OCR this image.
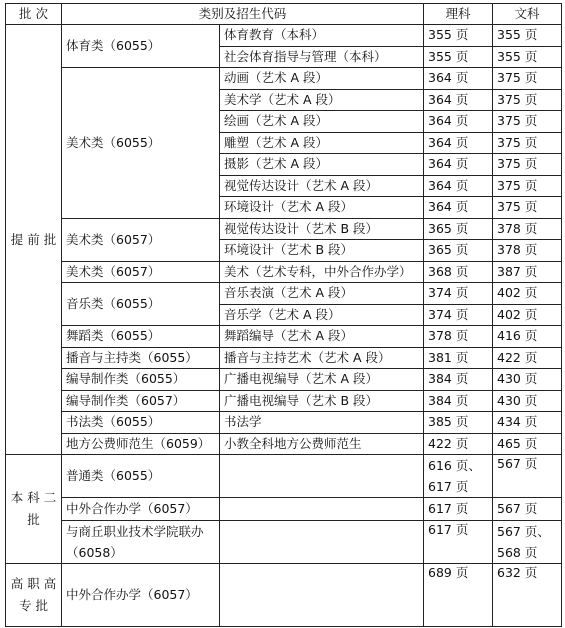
批 次	类别及招生代码		理科	文科
提 前 批	体育类（6055）	体育教育（本科）	355 页	355 页
		社会体育指导与管理（本科）	355 页	355 页
	美术类（6055）	动画（艺术 A 段）	364 页	375 页
		美术学（艺术 A 段）	364 页	375 页
		绘画（艺术 A 段）	364 页	375 页
		雕塑（艺术 A 段）	364 页	375 页
		摄影（艺术 A 段）	364 页	375 页
		视觉传达设计（艺术 A 段）	364 页	375 页
		环境设计（艺术 A 段）	364 页	375 页
	美术类（6057）	视觉传达设计（艺术 B 段）	365 页	378 页
		环境设计（艺术 B 段）	365 页	378 页
	美术类（6057）	美术（艺术专科，中外合作办学）	368 页	387 页
	音乐类（6055）	音乐表演（艺术 A 段）	374 页	402 页
		音乐学（艺术 A 段）	374 页	402 页
	舞蹈类（6055）	舞蹈编导（艺术 A 段）	378 页	416 页
	播音与主持类（6055）	播音与主持艺术（艺术 A 段）	381 页	422 页
	编导制作类（6055）	广播电视编导（艺术 A 段）	384 页	430 页
	编导制作类（6057）	广播电视编导（艺术 B 段）	384 页	430 页
	书法类（6055）	书法学	385 页	434 页
	地方公费师范生（6059）	小教全科地方公费师范生	422 页	465 页
本 科 二 批	普通类（6055）		616 页、617 页	567 页
	中外合作办学（6057）		617 页	567 页
	与商丘职业技术学院联办（6058）		617 页	567 页、568 页
高 职 高 专 批	中外合作办学（6057）		689 页	632 页
